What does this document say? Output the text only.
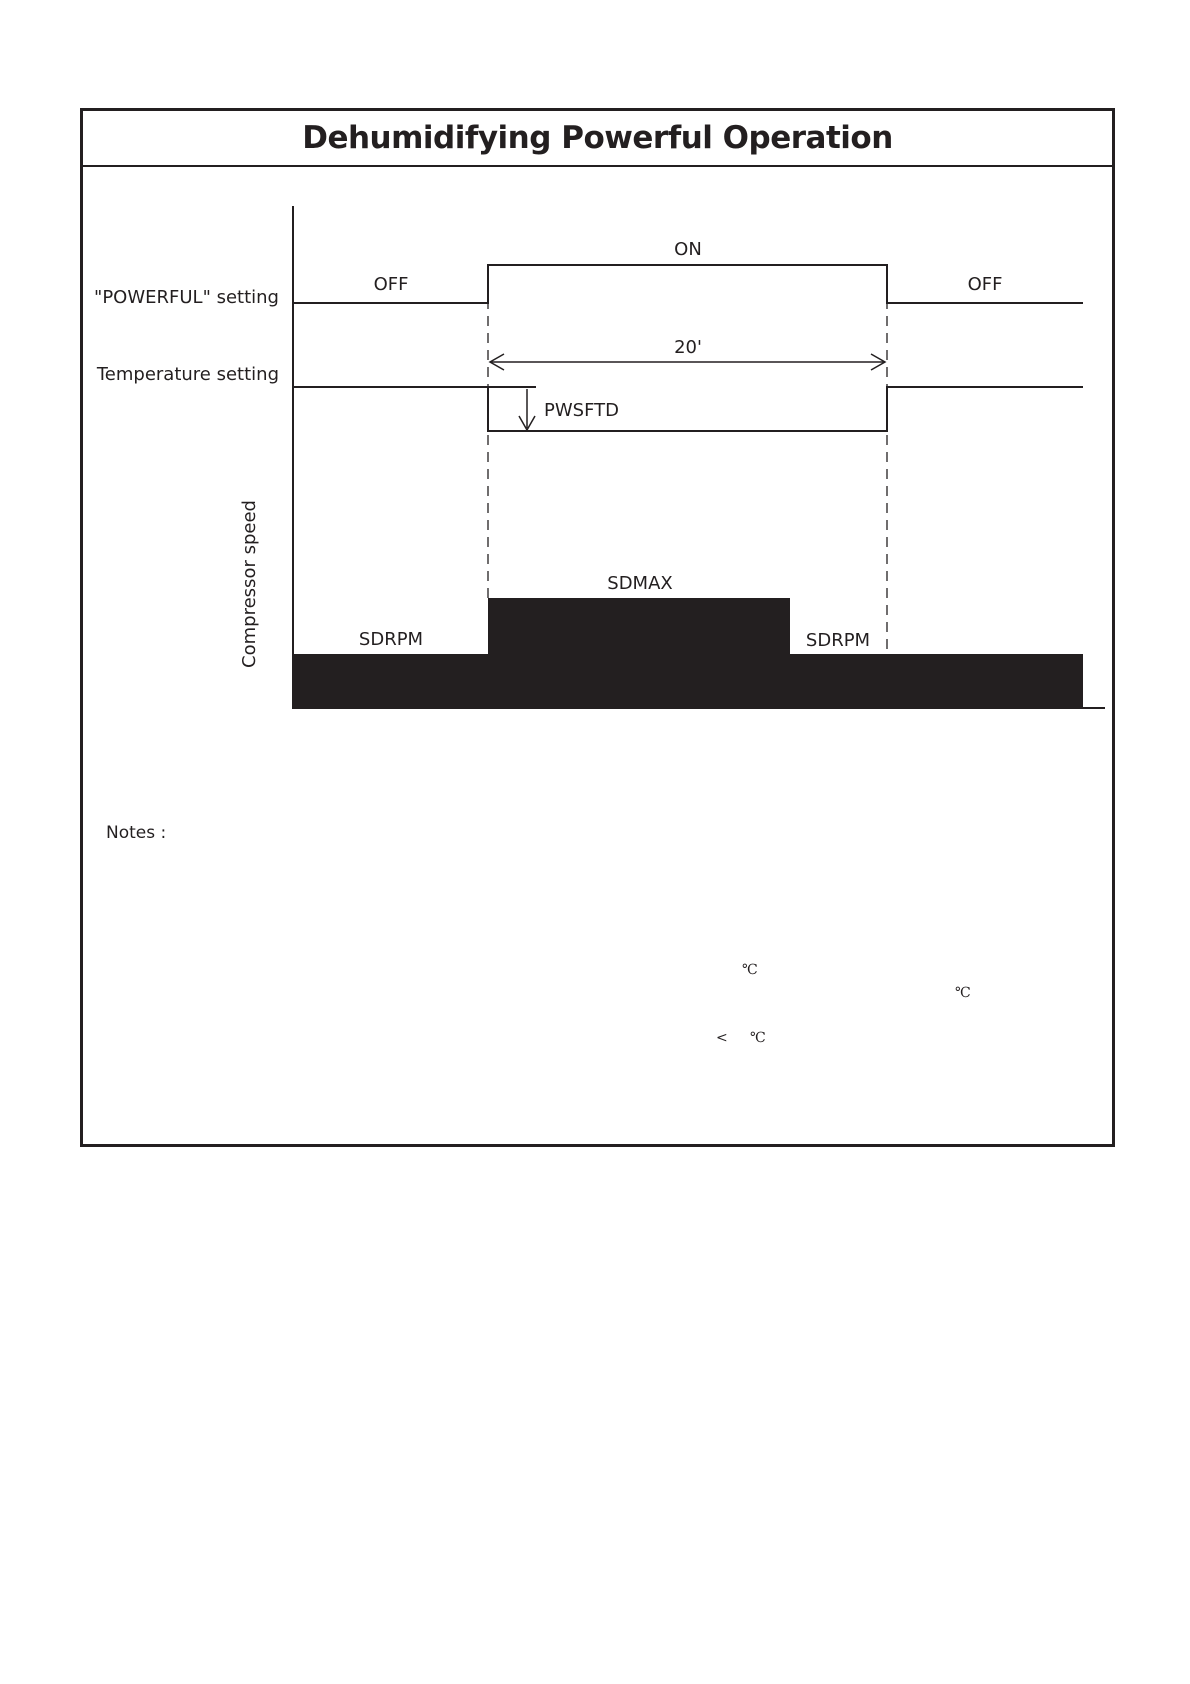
Dehumidifying Powerful Operation
OFF
ON
OFF
20'
PWSFTD
SDMAX
SDRPM	SDRPM
"POWERFUL" setting
Temperature setting
Compressor speed
Notes :
℃
℃
< ℃
